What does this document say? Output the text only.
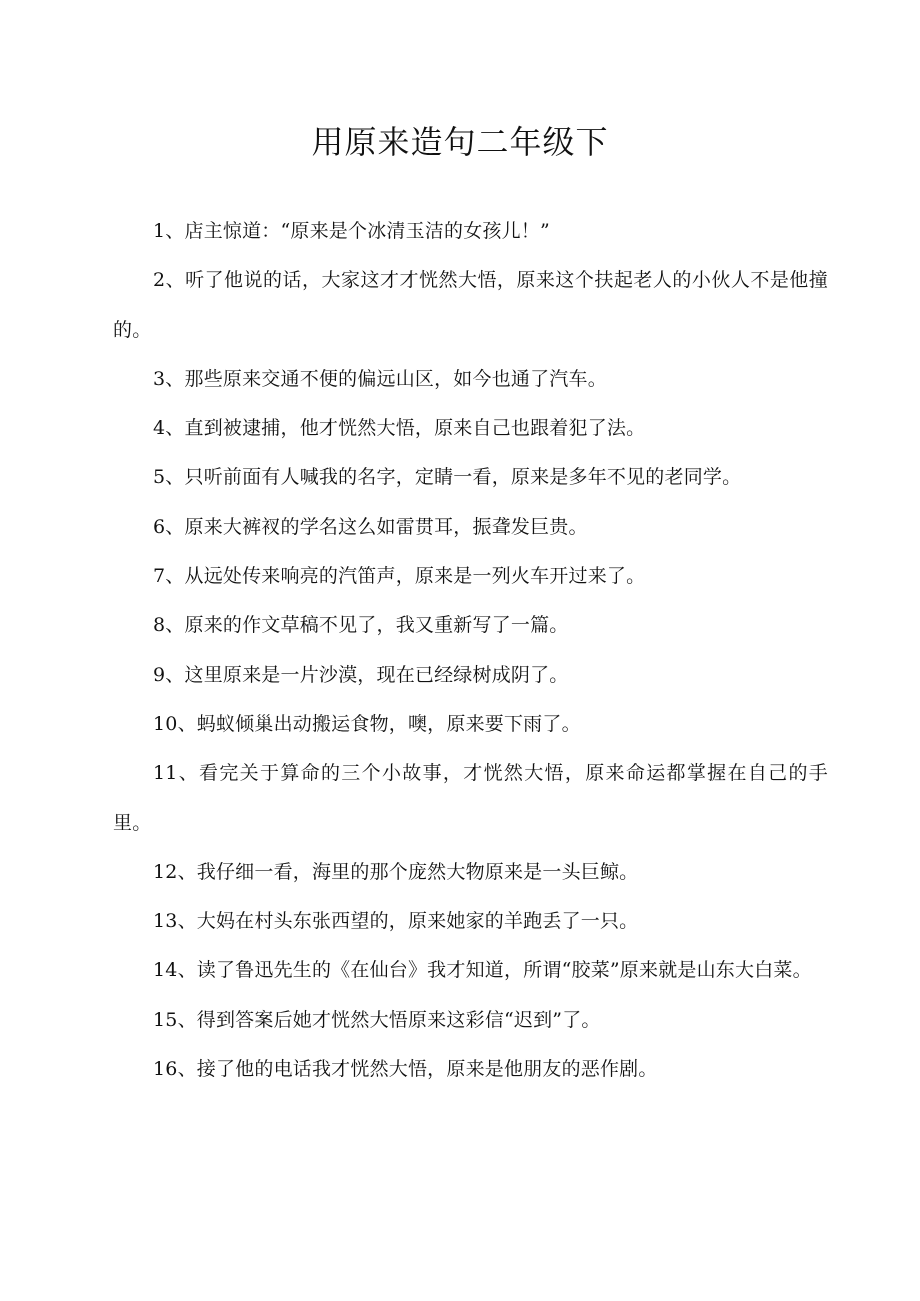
用原来造句二年级下

1、店主惊道：“原来是个冰清玉洁的女孩儿！”

2、听了他说的话，大家这才才恍然大悟，原来这个扶起老人的小伙人不是他撞的。

3、那些原来交通不便的偏远山区，如今也通了汽车。

4、直到被逮捕，他才恍然大悟，原来自己也跟着犯了法。

5、只听前面有人喊我的名字，定睛一看，原来是多年不见的老同学。

6、原来大裤衩的学名这么如雷贯耳，振聋发巨贵。

7、从远处传来响亮的汽笛声，原来是一列火车开过来了。

8、原来的作文草稿不见了，我又重新写了一篇。

9、这里原来是一片沙漠，现在已经绿树成阴了。

10、蚂蚁倾巢出动搬运食物，噢，原来要下雨了。

11、看完关于算命的三个小故事，才恍然大悟，原来命运都掌握在自己的手里。

12、我仔细一看，海里的那个庞然大物原来是一头巨鲸。

13、大妈在村头东张西望的，原来她家的羊跑丢了一只。

14、读了鲁迅先生的《在仙台》我才知道，所谓“胶菜”原来就是山东大白菜。

15、得到答案后她才恍然大悟原来这彩信“迟到”了。

16、接了他的电话我才恍然大悟，原来是他朋友的恶作剧。
